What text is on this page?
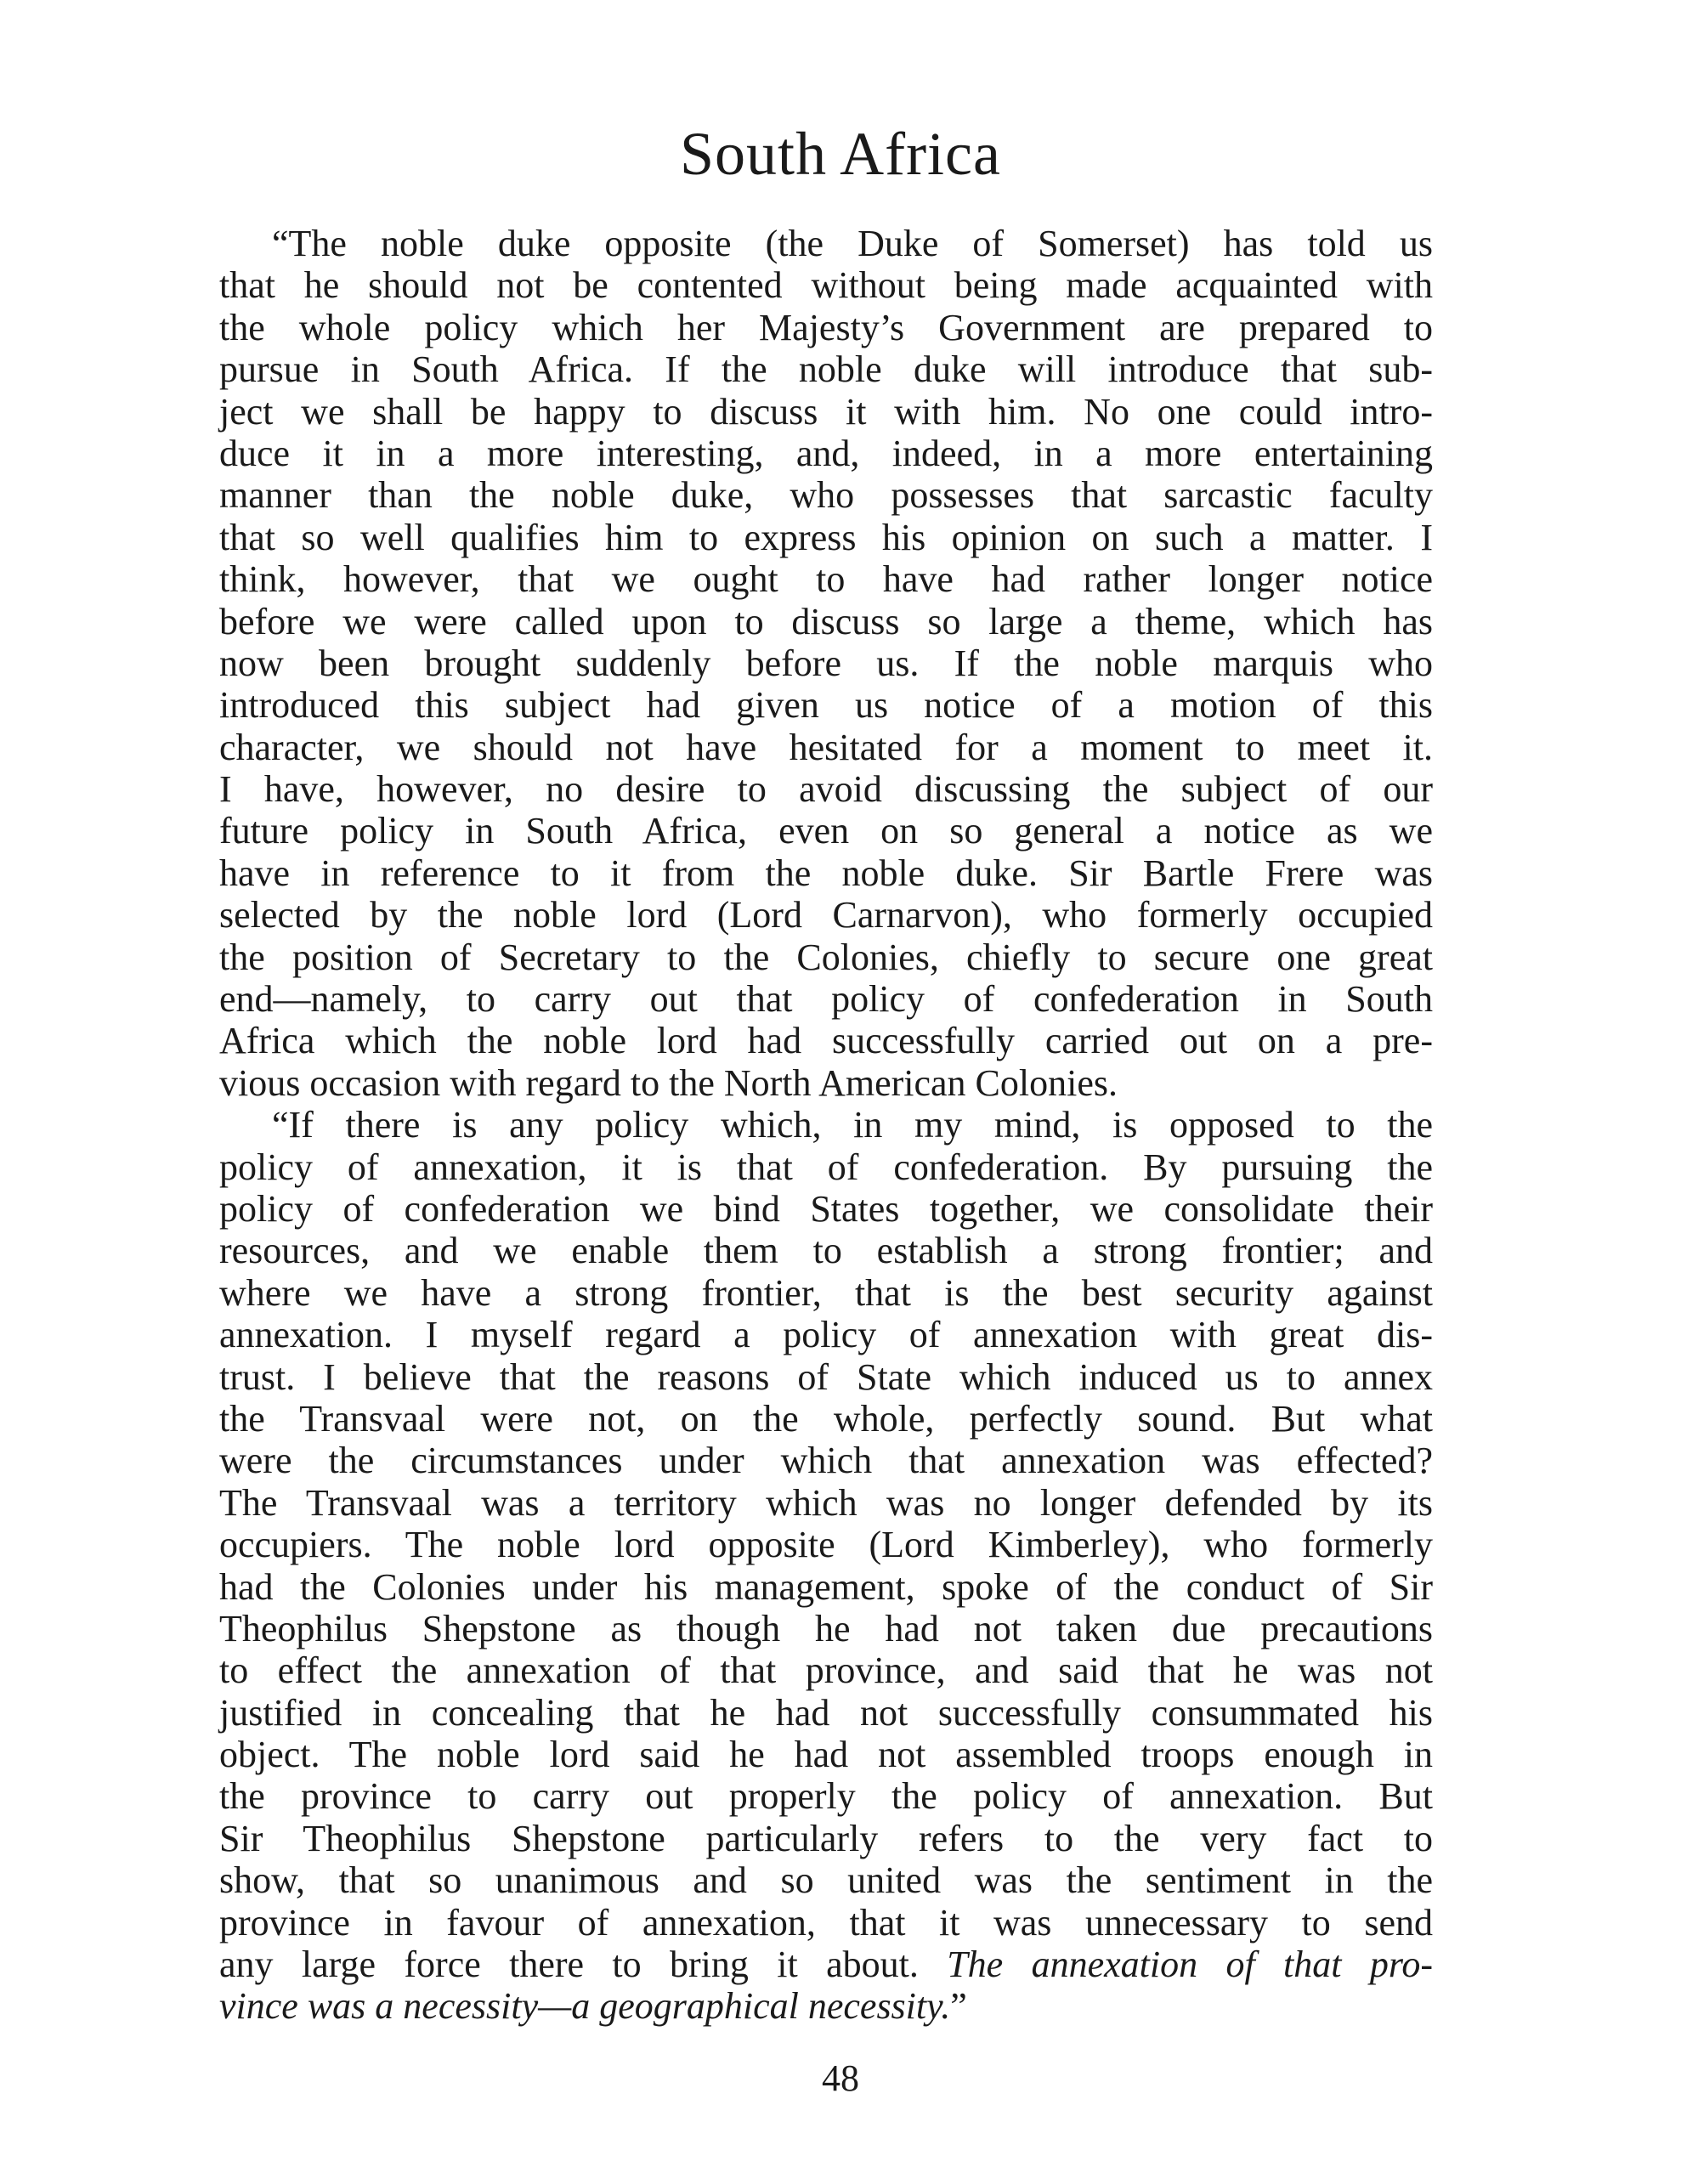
South Africa
“The noble duke opposite (the Duke of Somerset) has told us
that he should not be contented without being made acquainted with
the whole policy which her Majesty’s Government are prepared to
pursue in South Africa. If the noble duke will introduce that sub-
ject we shall be happy to discuss it with him. No one could intro-
duce it in a more interesting, and, indeed, in a more entertaining
manner than the noble duke, who possesses that sarcastic faculty
that so well qualifies him to express his opinion on such a matter. I
think, however, that we ought to have had rather longer notice
before we were called upon to discuss so large a theme, which has
now been brought suddenly before us. If the noble marquis who
introduced this subject had given us notice of a motion of this
character, we should not have hesitated for a moment to meet it.
I have, however, no desire to avoid discussing the subject of our
future policy in South Africa, even on so general a notice as we
have in reference to it from the noble duke. Sir Bartle Frere was
selected by the noble lord (Lord Carnarvon), who formerly occupied
the position of Secretary to the Colonies, chiefly to secure one great
end—namely, to carry out that policy of confederation in South
Africa which the noble lord had successfully carried out on a pre-
vious occasion with regard to the North American Colonies.
“If there is any policy which, in my mind, is opposed to the
policy of annexation, it is that of confederation. By pursuing the
policy of confederation we bind States together, we consolidate their
resources, and we enable them to establish a strong frontier; and
where we have a strong frontier, that is the best security against
annexation. I myself regard a policy of annexation with great dis-
trust. I believe that the reasons of State which induced us to annex
the Transvaal were not, on the whole, perfectly sound. But what
were the circumstances under which that annexation was effected?
The Transvaal was a territory which was no longer defended by its
occupiers. The noble lord opposite (Lord Kimberley), who formerly
had the Colonies under his management, spoke of the conduct of Sir
Theophilus Shepstone as though he had not taken due precautions
to effect the annexation of that province, and said that he was not
justified in concealing that he had not successfully consummated his
object. The noble lord said he had not assembled troops enough in
the province to carry out properly the policy of annexation. But
Sir Theophilus Shepstone particularly refers to the very fact to
show, that so unanimous and so united was the sentiment in the
province in favour of annexation, that it was unnecessary to send
any large force there to bring it about. The annexation of that pro-
vince was a necessity—a geographical necessity.”
48
